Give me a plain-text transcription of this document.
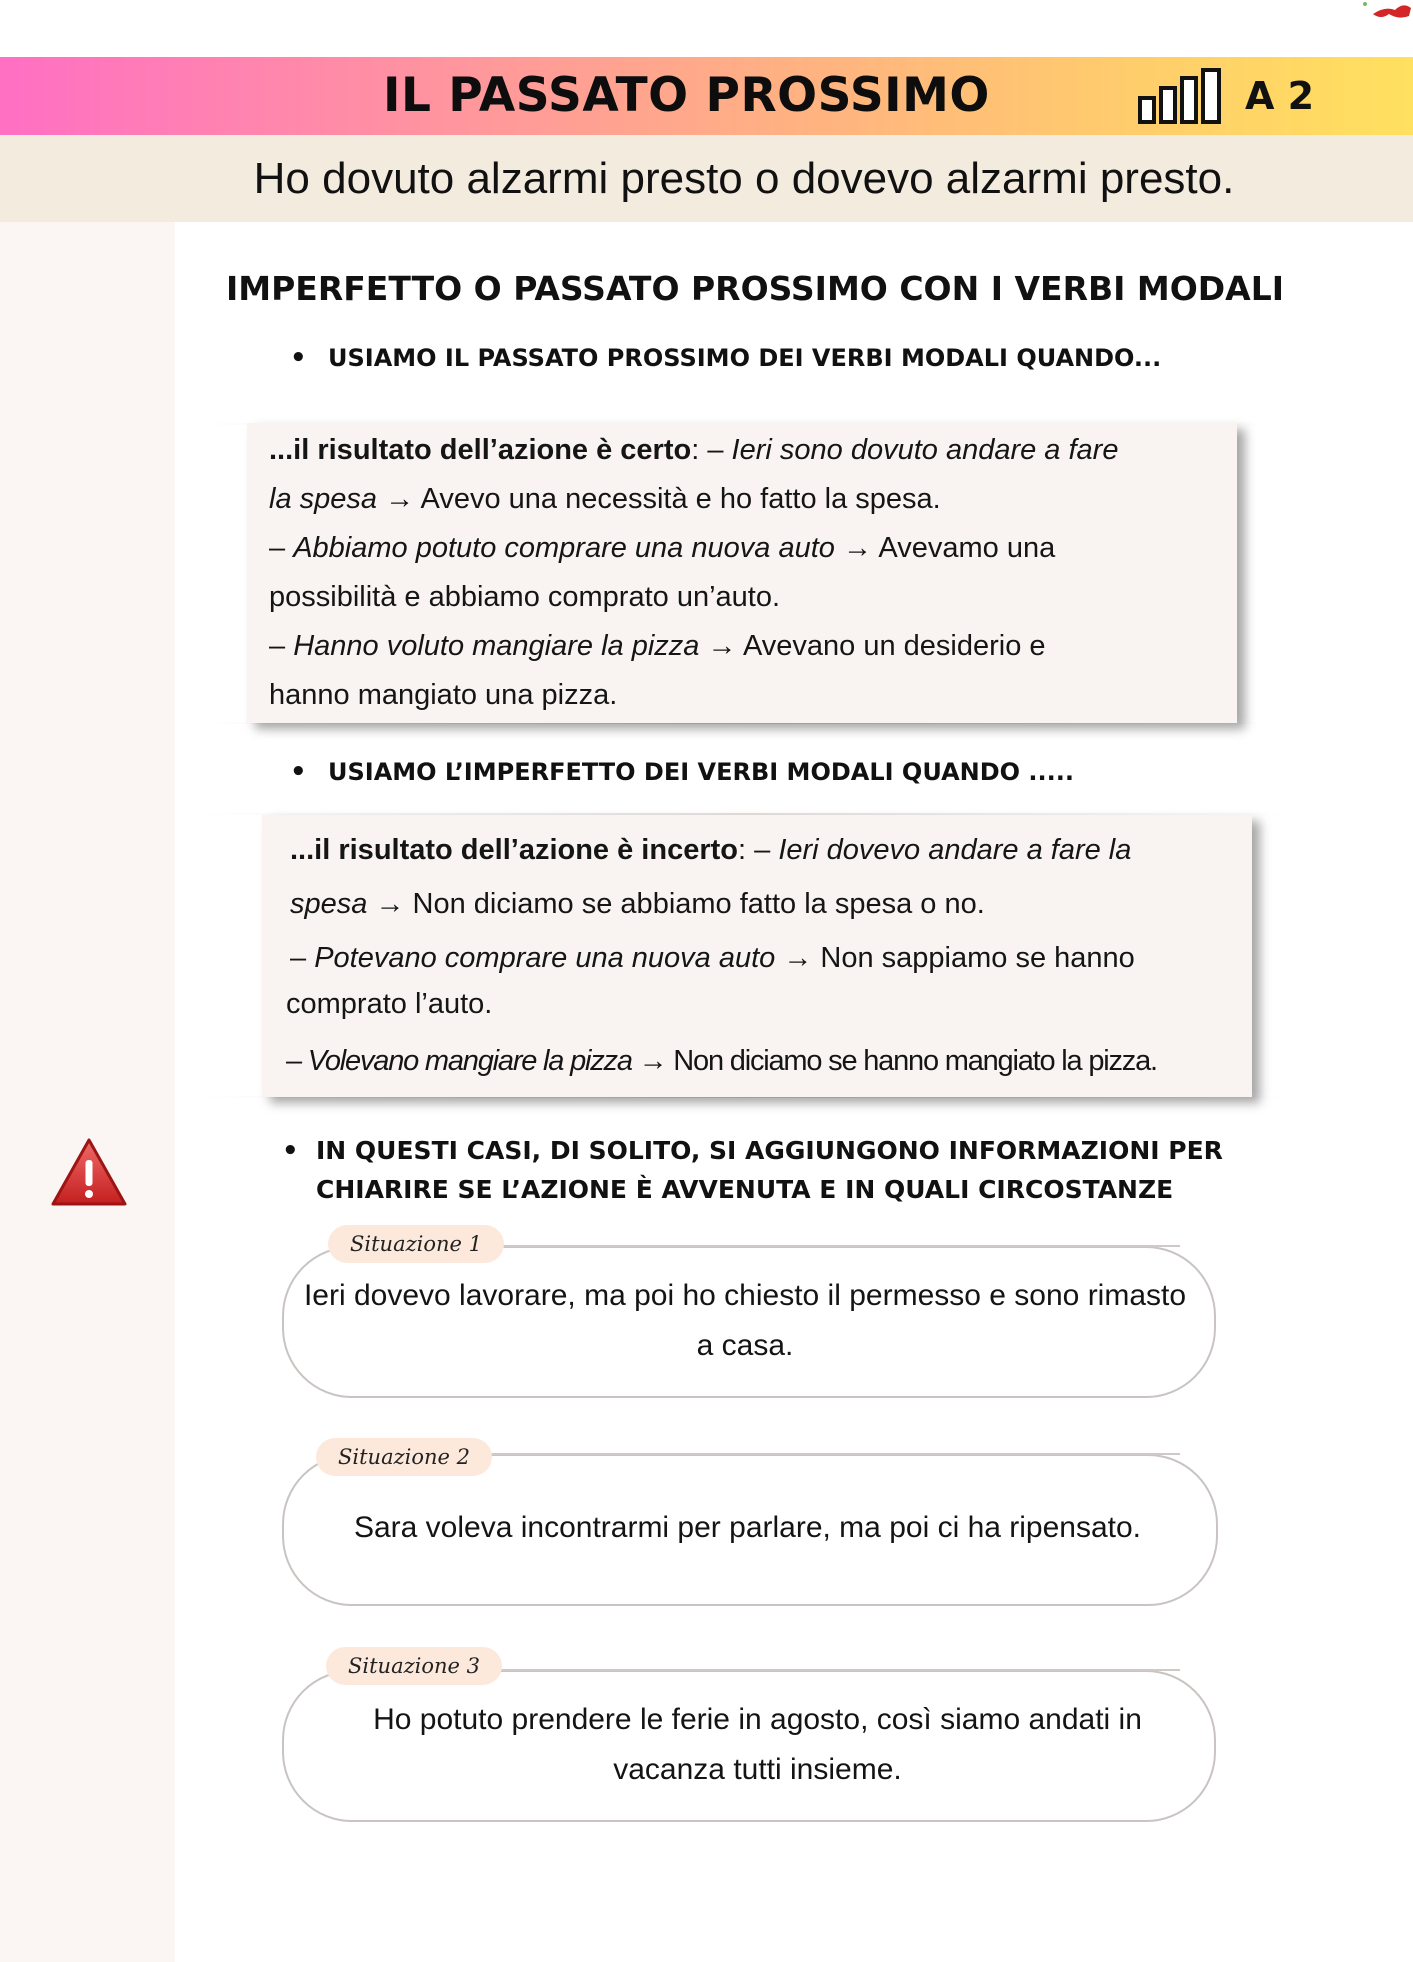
IL PASSATO PROSSIMO	A 2
Ho dovuto alzarmi presto o dovevo alzarmi presto.
IMPERFETTO O PASSATO PROSSIMO CON I VERBI MODALI
• USIAMO IL PASSATO PROSSIMO DEI VERBI MODALI QUANDO...
...il risultato dell’azione è certo: – Ieri sono dovuto andare a fare
la spesa → Avevo una necessità e ho fatto la spesa.
– Abbiamo potuto comprare una nuova auto → Avevamo una
possibilità e abbiamo comprato un’auto.
– Hanno voluto mangiare la pizza → Avevano un desiderio e
hanno mangiato una pizza.
• USIAMO L’IMPERFETTO DEI VERBI MODALI QUANDO .....
...il risultato dell’azione è incerto: – Ieri dovevo andare a fare la
spesa → Non diciamo se abbiamo fatto la spesa o no.
– Potevano comprare una nuova auto → Non sappiamo se hanno
comprato l’auto.
– Volevano mangiare la pizza → Non diciamo se hanno mangiato la pizza.
• IN QUESTI CASI, DI SOLITO, SI AGGIUNGONO INFORMAZIONI PER
CHIARIRE SE L’AZIONE È AVVENUTA E IN QUALI CIRCOSTANZE
Situazione 1
Ieri dovevo lavorare, ma poi ho chiesto il permesso e sono rimasto a casa.
Situazione 2
Sara voleva incontrarmi per parlare, ma poi ci ha ripensato.
Situazione 3
Ho potuto prendere le ferie in agosto, così siamo andati in vacanza tutti insieme.
